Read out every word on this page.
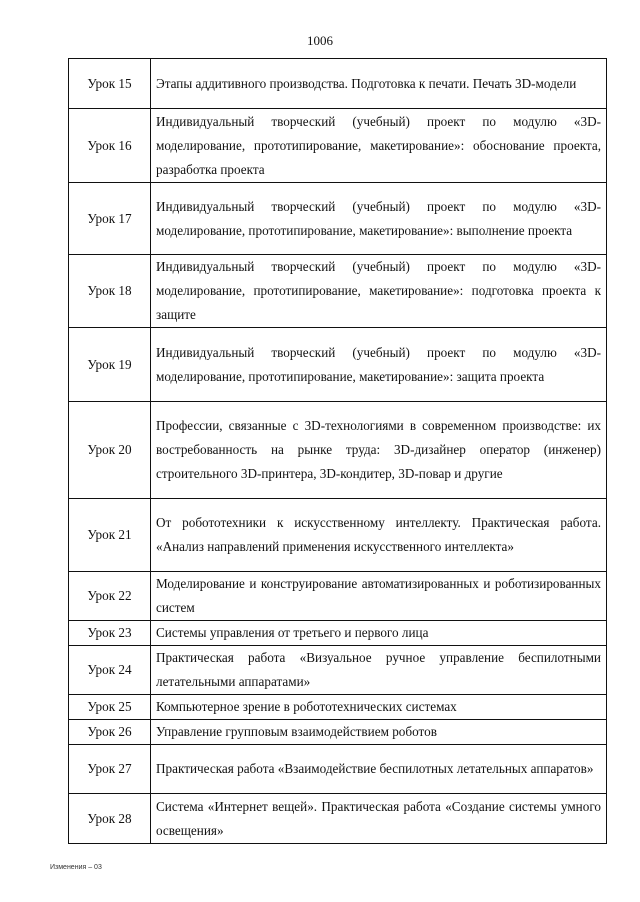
1006
Урок 15	Этапы аддитивного производства. Подготовка к печати. Печать 3D-модели

Урок 16	Индивидуальный творческий (учебный) проект по модулю «3D-моделирование, прототипирование, макетирование»: обоснование проекта, разработка проекта

Урок 17	Индивидуальный творческий (учебный) проект по модулю «3D-моделирование, прототипирование, макетирование»: выполнение проекта

Урок 18	Индивидуальный творческий (учебный) проект по модулю «3D-моделирование, прототипирование, макетирование»: подготовка проекта к защите

Урок 19	Индивидуальный творческий (учебный) проект по модулю «3D-моделирование, прототипирование, макетирование»: защита проекта

Урок 20	Профессии, связанные с 3D-технологиями в современном производстве: их востребованность на рынке труда: 3D-дизайнер оператор (инженер) строительного 3D-принтера, 3D-кондитер, 3D-повар и другие

Урок 21	От робототехники к искусственному интеллекту. Практическая работа. «Анализ направлений применения искусственного интеллекта»

Урок 22	Моделирование и конструирование автоматизированных и роботизированных систем

Урок 23	Системы управления от третьего и первого лица

Урок 24	Практическая работа «Визуальное ручное управление беспилотными летательными аппаратами»

Урок 25	Компьютерное зрение в робототехнических системах

Урок 26	Управление групповым взаимодействием роботов

Урок 27	Практическая работа «Взаимодействие беспилотных летательных аппаратов»

Урок 28	Система «Интернет вещей». Практическая работа «Создание системы умного освещения»
Изменения – 03
